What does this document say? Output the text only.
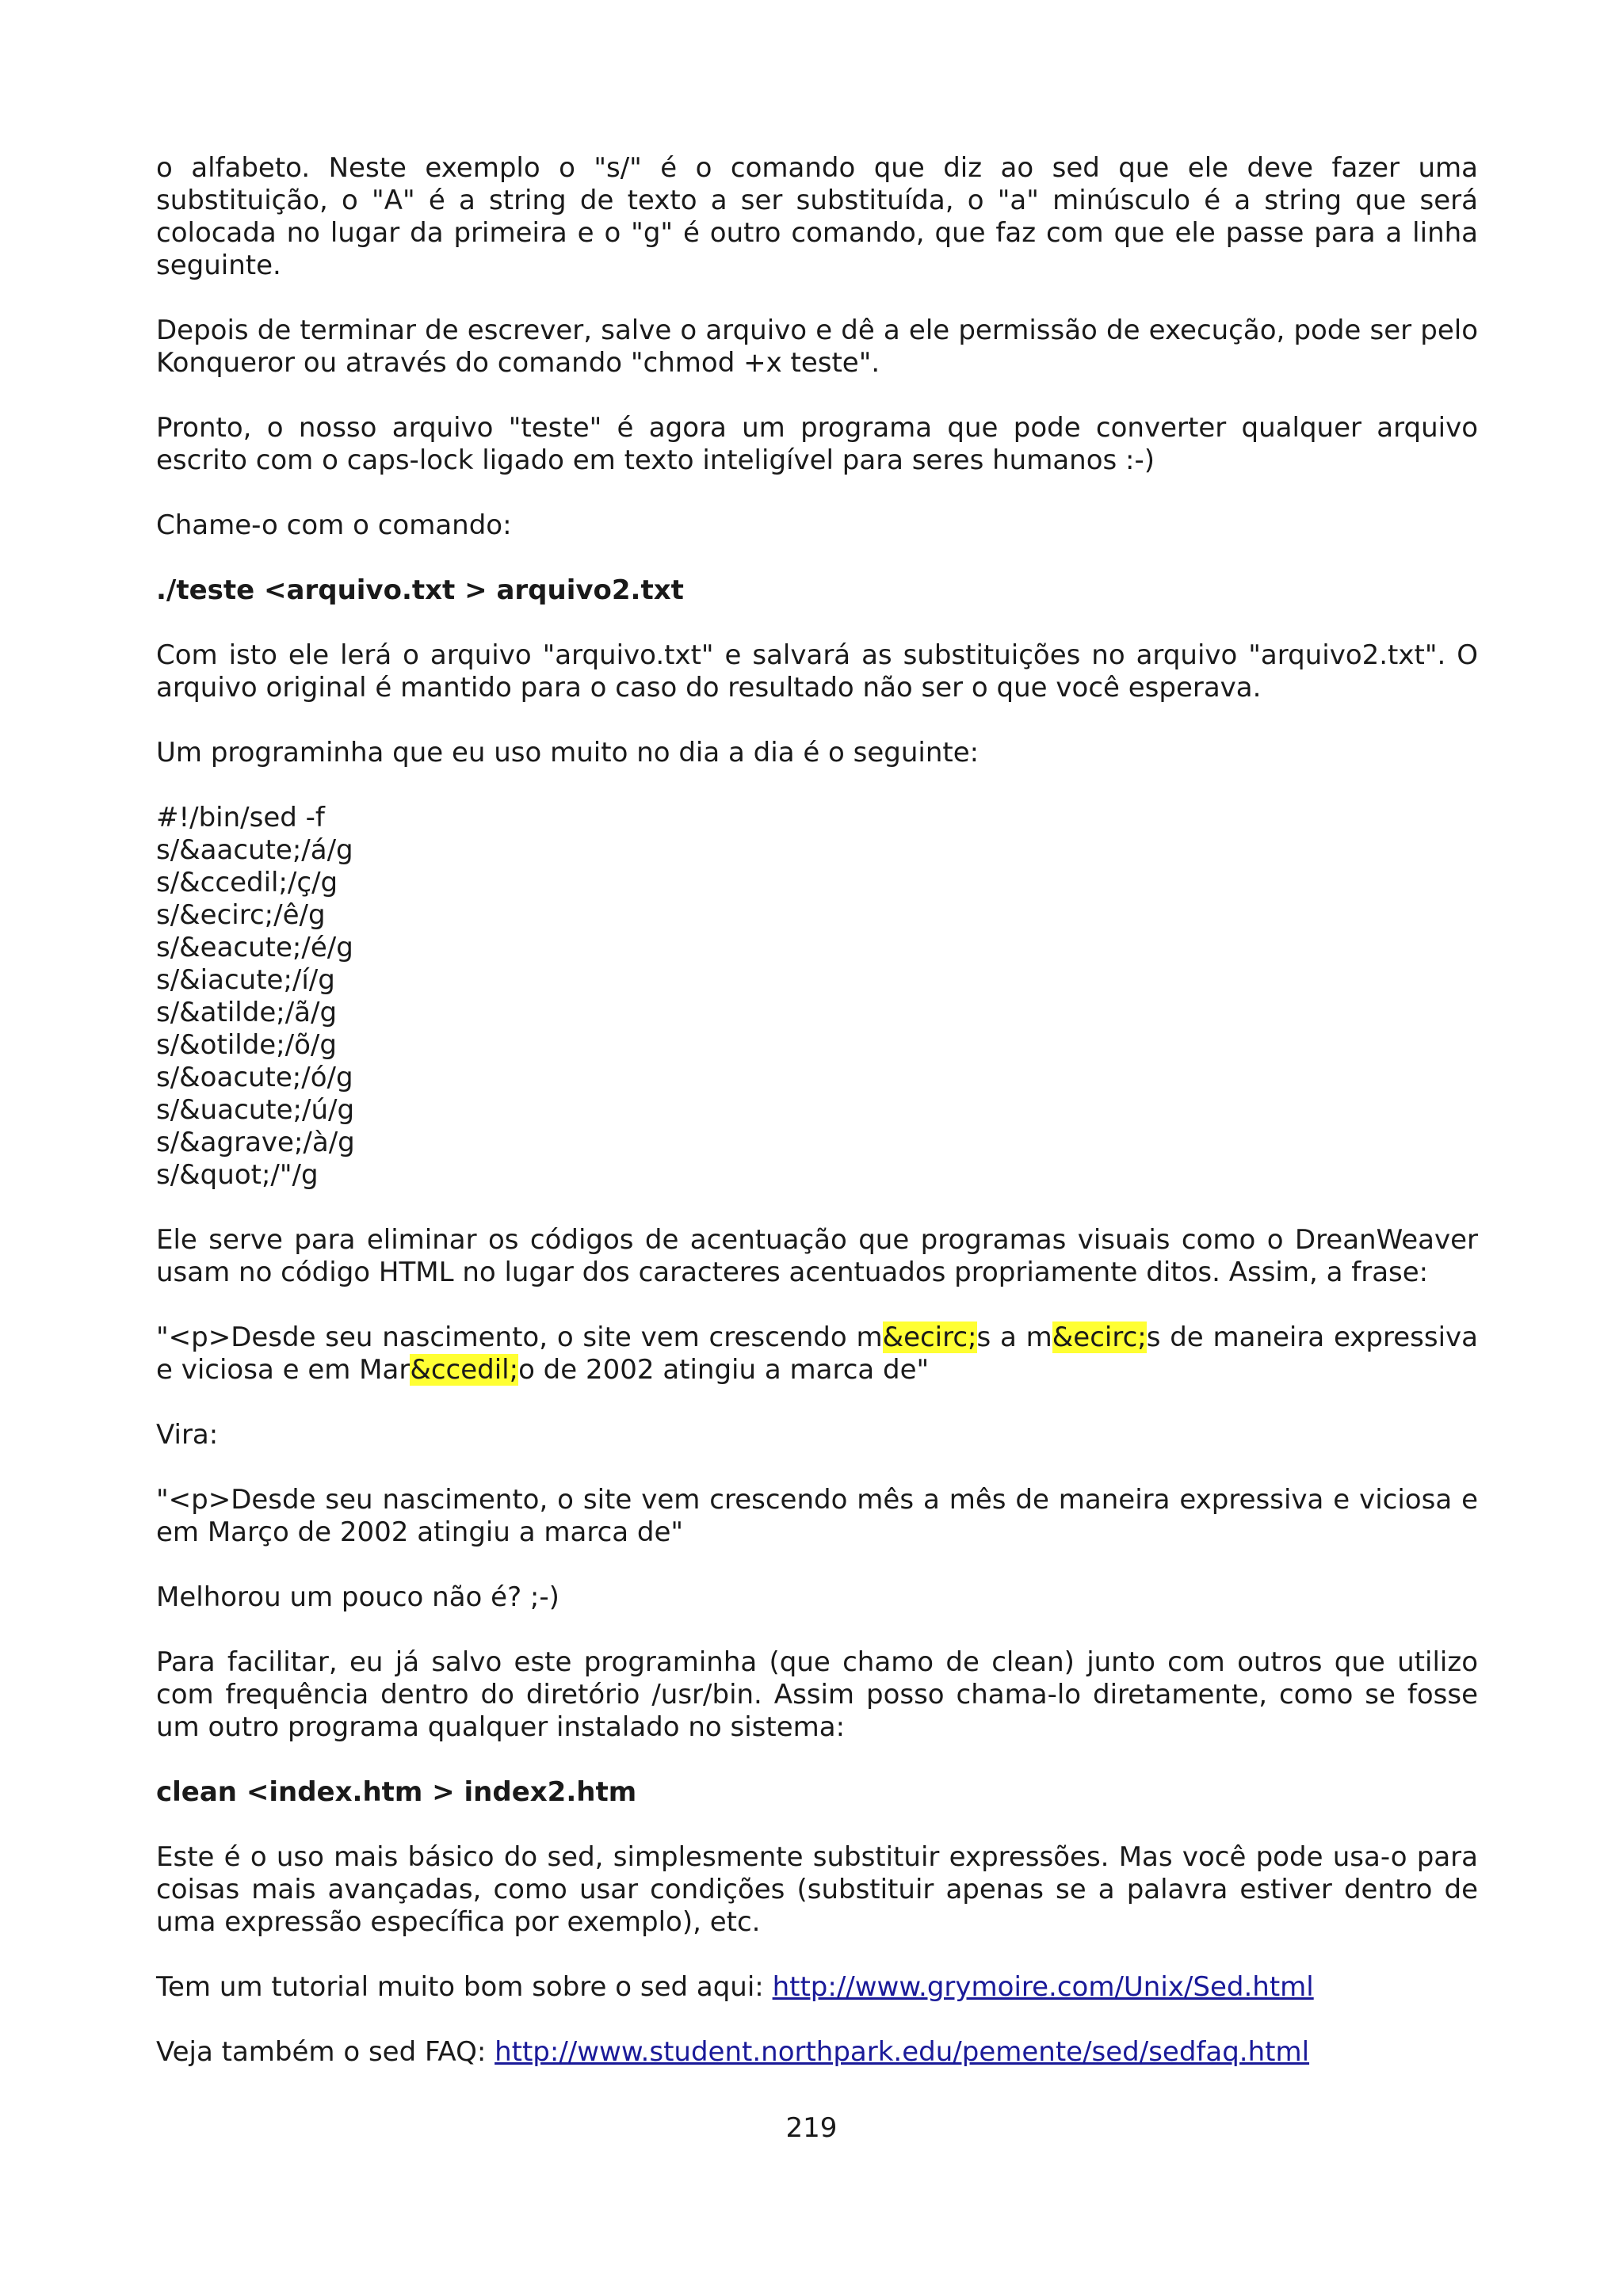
o alfabeto. Neste exemplo o "s/" é o comando que diz ao sed que ele deve fazer uma substituição, o "A" é a string de texto a ser substituída, o "a" minúsculo é a string que será colocada no lugar da primeira e o "g" é outro comando, que faz com que ele passe para a linha seguinte.

Depois de terminar de escrever, salve o arquivo e dê a ele permissão de execução, pode ser pelo Konqueror ou através do comando "chmod +x teste".

Pronto, o nosso arquivo "teste" é agora um programa que pode converter qualquer arquivo escrito com o caps-lock ligado em texto inteligível para seres humanos :-)

Chame-o com o comando:

./teste <arquivo.txt > arquivo2.txt

Com isto ele lerá o arquivo "arquivo.txt" e salvará as substituições no arquivo "arquivo2.txt". O arquivo original é mantido para o caso do resultado não ser o que você esperava.

Um programinha que eu uso muito no dia a dia é o seguinte:

#!/bin/sed -f
s/&aacute;/á/g
s/&ccedil;/ç/g
s/&ecirc;/ê/g
s/&eacute;/é/g
s/&iacute;/í/g
s/&atilde;/ã/g
s/&otilde;/õ/g
s/&oacute;/ó/g
s/&uacute;/ú/g
s/&agrave;/à/g
s/&quot;/"/g

Ele serve para eliminar os códigos de acentuação que programas visuais como o DreanWeaver usam no código HTML no lugar dos caracteres acentuados propriamente ditos. Assim, a frase:

"<p>Desde seu nascimento, o site vem crescendo m&ecirc;s a m&ecirc;s de maneira expressiva e viciosa e em Mar&ccedil;o de 2002 atingiu a marca de"

Vira:

"<p>Desde seu nascimento, o site vem crescendo mês a mês de maneira expressiva e viciosa e em Março de 2002 atingiu a marca de"

Melhorou um pouco não é? ;-)

Para facilitar, eu já salvo este programinha (que chamo de clean) junto com outros que utilizo com frequência dentro do diretório /usr/bin. Assim posso chama-lo diretamente, como se fosse um outro programa qualquer instalado no sistema:

clean <index.htm > index2.htm

Este é o uso mais básico do sed, simplesmente substituir expressões. Mas você pode usa-o para coisas mais avançadas, como usar condições (substituir apenas se a palavra estiver dentro de uma expressão específica por exemplo), etc.

Tem um tutorial muito bom sobre o sed aqui: http://www.grymoire.com/Unix/Sed.html

Veja também o sed FAQ: http://www.student.northpark.edu/pemente/sed/sedfaq.html

219
